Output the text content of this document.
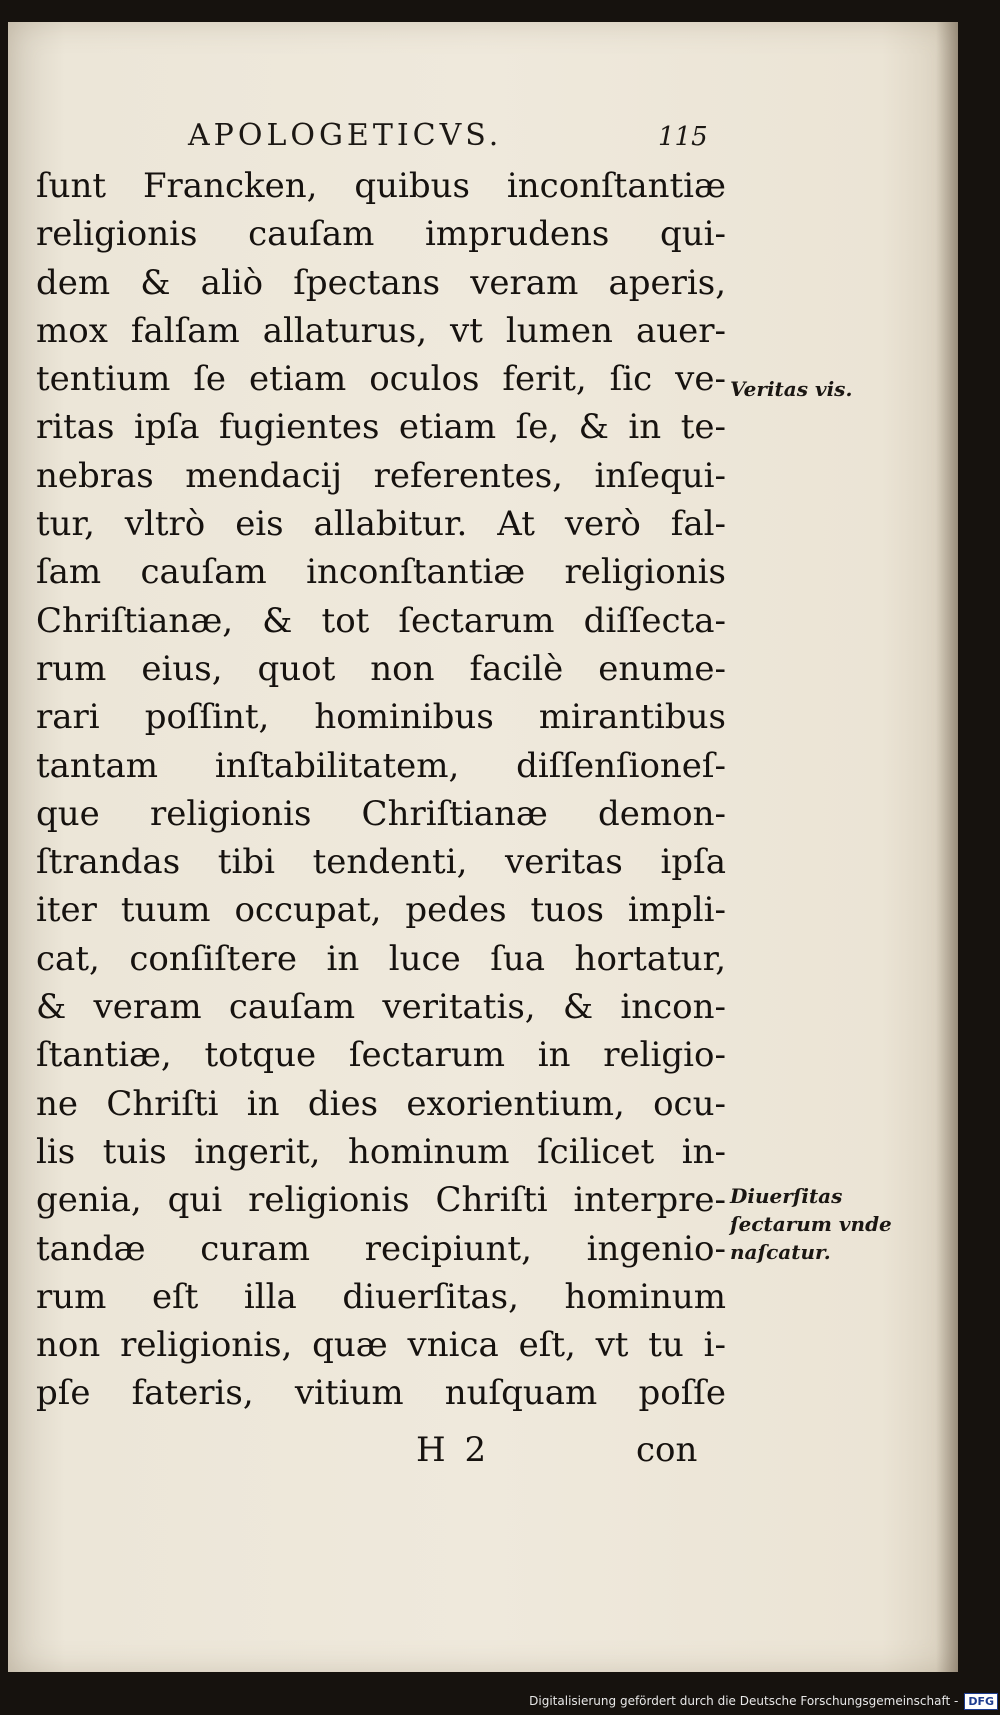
APOLOGETICVS.	115
ſunt Francken, quibus inconſtantiæ
religionis cauſam imprudens qui-
dem & aliò ſpectans veram aperis,
mox falſam allaturus, vt lumen auer-
tentium ſe etiam oculos ferit, ſic ve-
ritas ipſa fugientes etiam ſe, & in te-
nebras mendacij referentes, inſequi-
tur, vltrò eis allabitur. At verò fal-
ſam cauſam inconſtantiæ religionis
Chriſtianæ, & tot ſectarum diſſecta-
rum eius, quot non facilè enume-
rari poſſint, hominibus mirantibus
tantam inſtabilitatem, diſſenſioneſ-
que religionis Chriſtianæ demon-
ſtrandas tibi tendenti, veritas ipſa
iter tuum occupat, pedes tuos impli-
cat, conſiſtere in luce ſua hortatur,
& veram cauſam veritatis, & incon-
ſtantiæ, totque ſectarum in religio-
ne Chriſti in dies exorientium, ocu-
lis tuis ingerit, hominum ſcilicet in-
genia, qui religionis Chriſti interpre-
tandæ curam recipiunt, ingenio-
rum eſt illa diuerſitas, hominum
non religionis, quæ vnica eſt, vt tu i-
pſe fateris, vitium nuſquam poſſe
Veritas vis.
Diuerſitas ſectarum vnde naſcatur.
H 2	con
Digitalisierung gefördert durch die Deutsche Forschungsgemeinschaft - DFG
